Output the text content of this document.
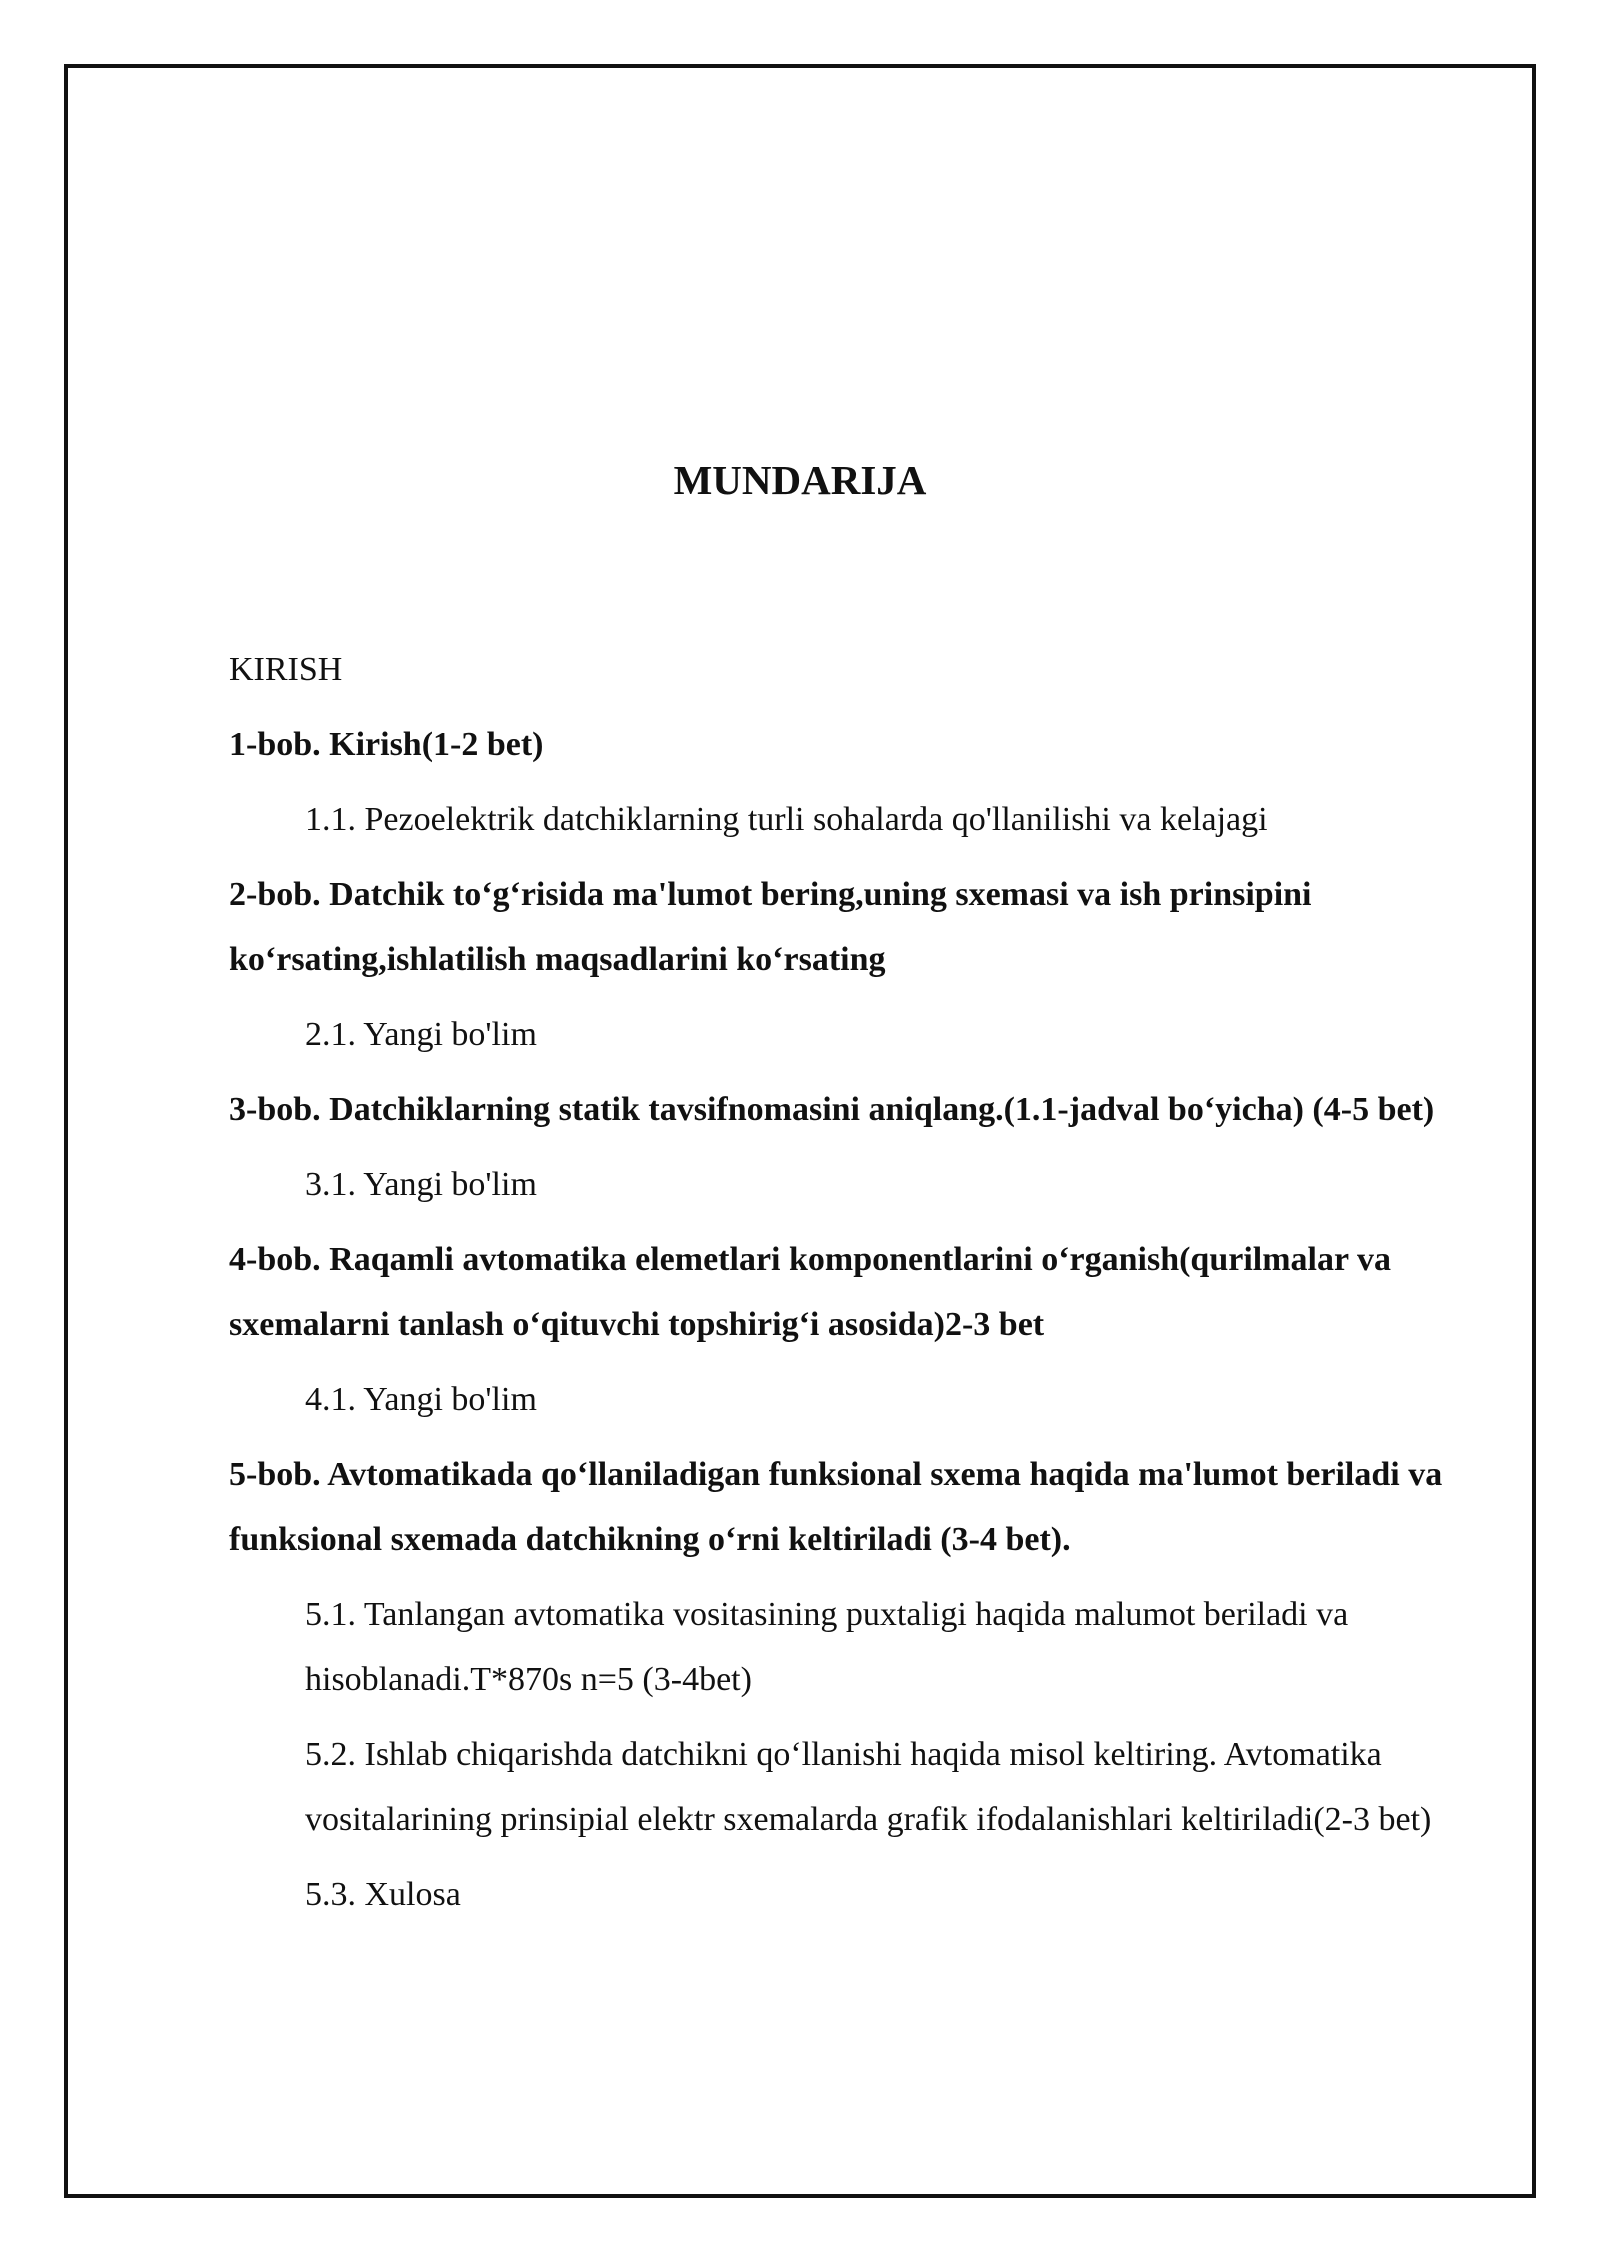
MUNDARIJA

KIRISH

1-bob. Kirish(1-2 bet)

1.1. Pezoelektrik datchiklarning turli sohalarda qo'llanilishi va kelajagi

2-bob. Datchik to‘g‘risida ma'lumot bering,uning sxemasi va ish prinsipini ko‘rsating,ishlatilish maqsadlarini ko‘rsating

2.1. Yangi bo'lim

3-bob. Datchiklarning statik tavsifnomasini aniqlang.(1.1-jadval bo‘yicha) (4-5 bet)

3.1. Yangi bo'lim

4-bob. Raqamli avtomatika elemetlari komponentlarini o‘rganish(qurilmalar va sxemalarni tanlash o‘qituvchi topshirig‘i asosida)2-3 bet

4.1. Yangi bo'lim

5-bob. Avtomatikada qo‘llaniladigan funksional sxema haqida ma'lumot beriladi va funksional sxemada datchikning o‘rni keltiriladi (3-4 bet).

5.1. Tanlangan avtomatika vositasining puxtaligi haqida malumot beriladi va hisoblanadi.T*870s n=5 (3-4bet)

5.2. Ishlab chiqarishda datchikni qo‘llanishi haqida misol keltiring. Avtomatika vositalarining prinsipial elektr sxemalarda grafik ifodalanishlari keltiriladi(2-3 bet)

5.3. Xulosa
